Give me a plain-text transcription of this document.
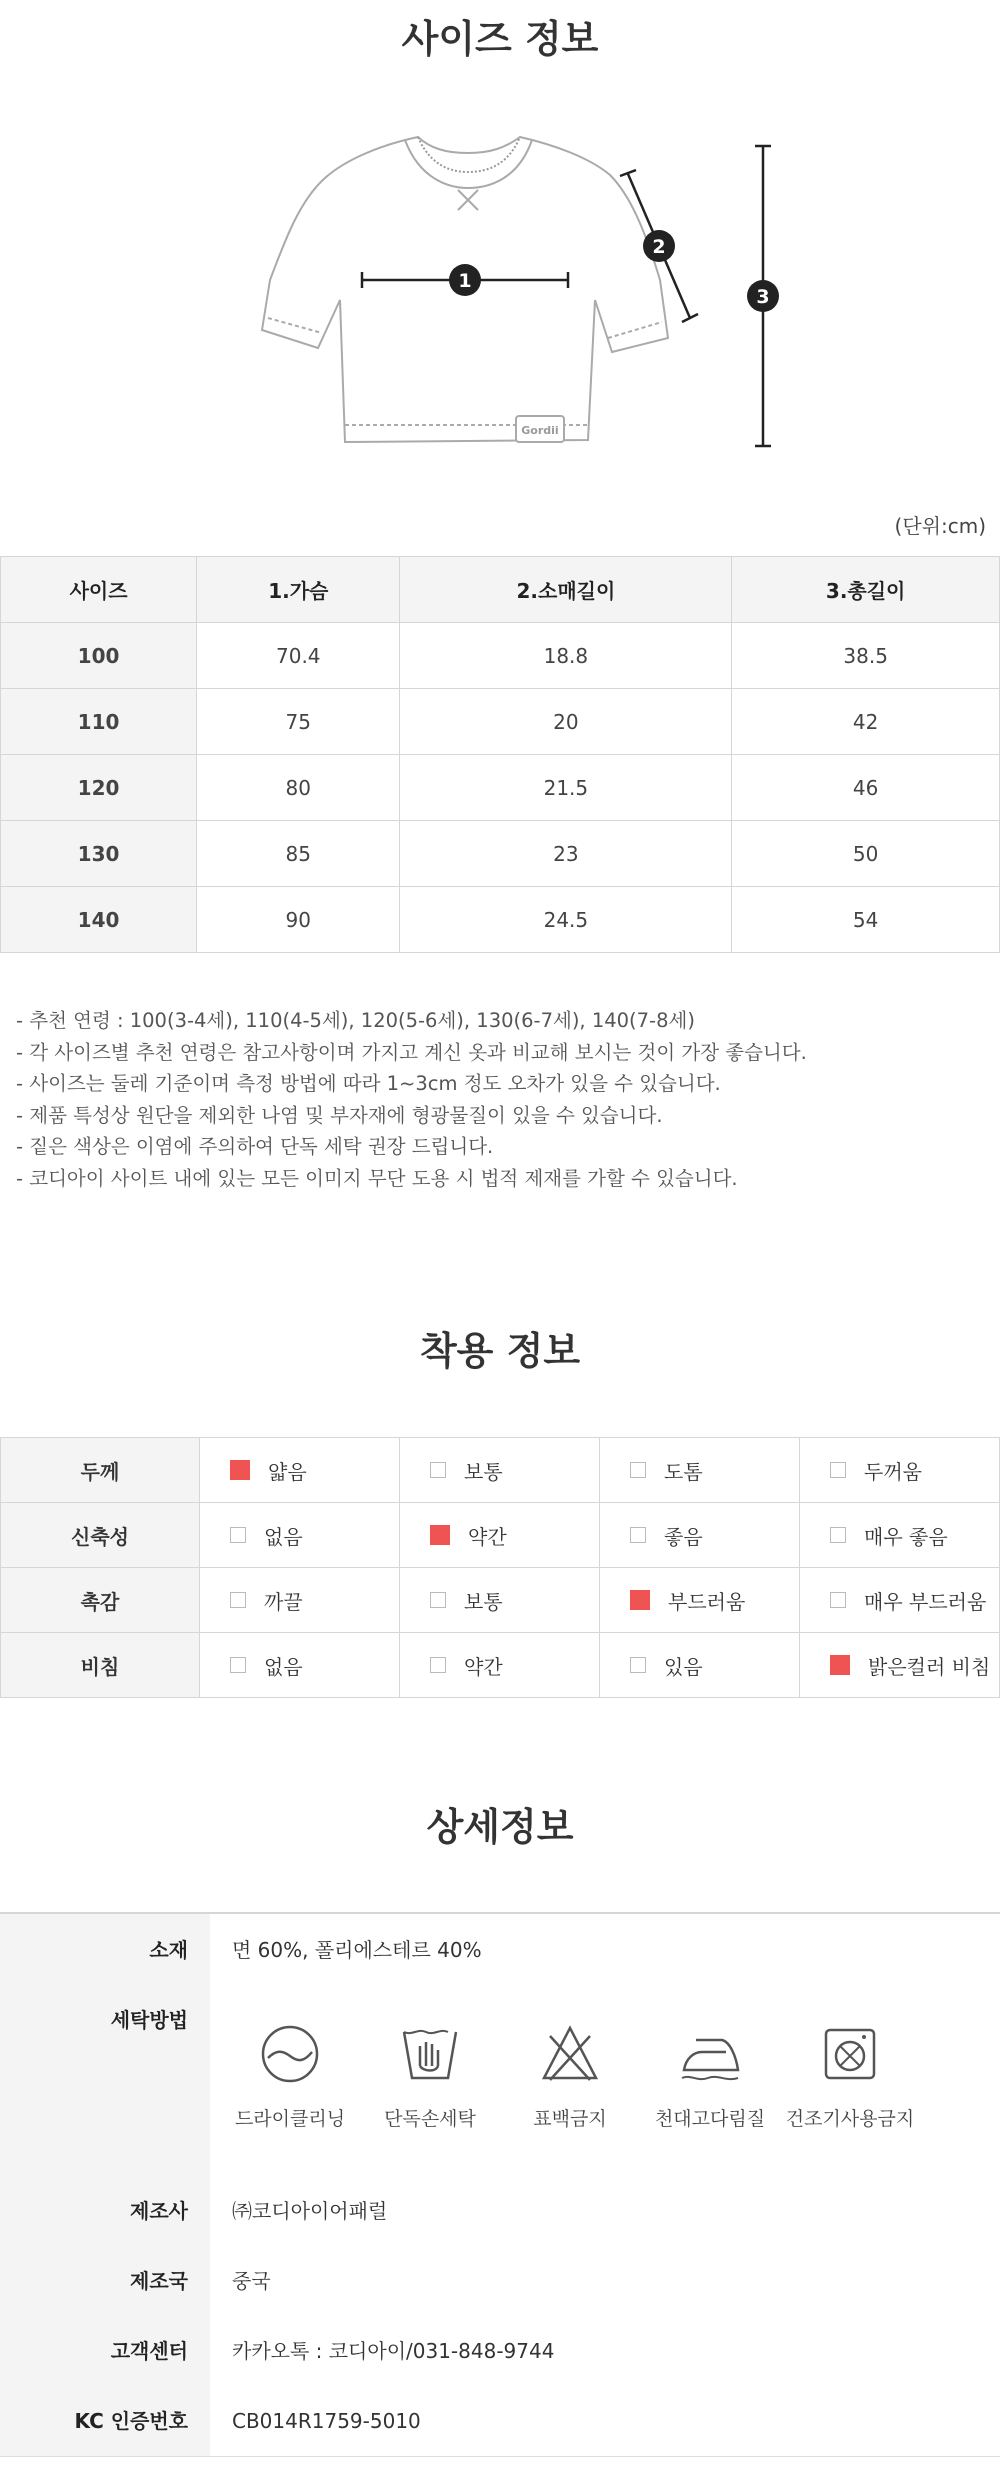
사이즈 정보
Gordii
1
2
3
(단위:cm)
사이즈	1.가슴	2.소매길이	3.총길이
100	70.4	18.8	38.5
110	75	20	42
120	80	21.5	46
130	85	23	50
140	90	24.5	54
- 추천 연령 : 100(3-4세), 110(4-5세), 120(5-6세), 130(6-7세), 140(7-8세)
- 각 사이즈별 추천 연령은 참고사항이며 가지고 계신 옷과 비교해 보시는 것이 가장 좋습니다.
- 사이즈는 둘레 기준이며 측정 방법에 따라 1~3cm 정도 오차가 있을 수 있습니다.
- 제품 특성상 원단을 제외한 나염 및 부자재에 형광물질이 있을 수 있습니다.
- 짙은 색상은 이염에 주의하여 단독 세탁 권장 드립니다.
- 코디아이 사이트 내에 있는 모든 이미지 무단 도용 시 법적 제재를 가할 수 있습니다.
착용 정보
두께	얇음	보통	도톰	두꺼움

신축성	없음	약간	좋음	매우 좋음

촉감	까끌	보통	부드러움	매우 부드러움

비침	없음	약간	있음	밝은컬러 비침
상세정보
소재	면 60%, 폴리에스테르 40%
세탁방법
드라이클리닝	단독손세탁	표백금지	천대고다림질	건조기사용금지
제조사	㈜코디아이어패럴
제조국	중국
고객센터	카카오톡 : 코디아이/031-848-9744
KC 인증번호	CB014R1759-5010
